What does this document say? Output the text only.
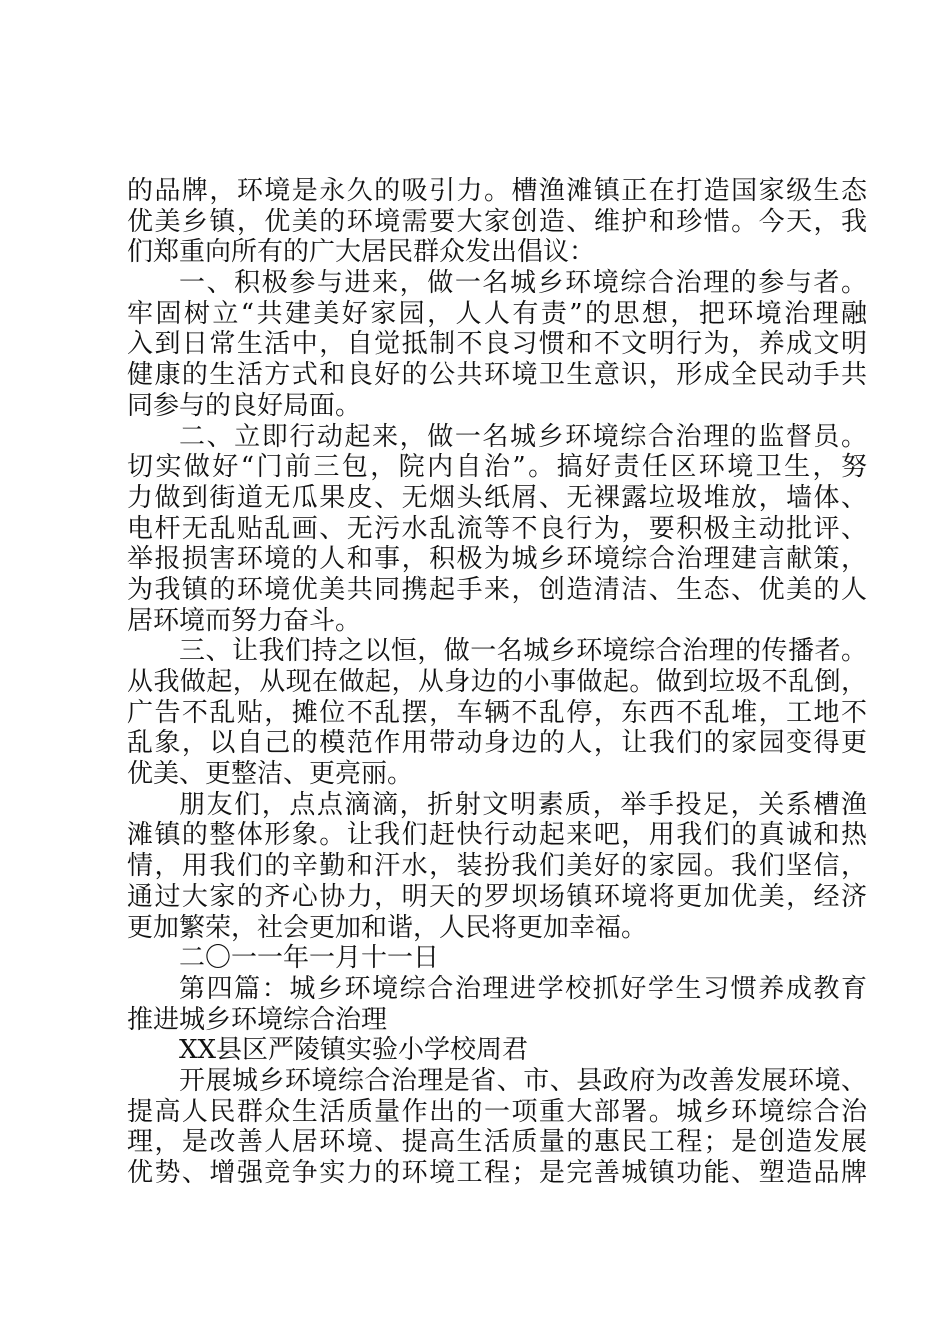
的品牌，环境是永久的吸引力。槽渔滩镇正在打造国家级生态
优美乡镇，优美的环境需要大家创造、维护和珍惜。今天，我
们郑重向所有的广大居民群众发出倡议：
一、积极参与进来，做一名城乡环境综合治理的参与者。
牢固树立“共建美好家园，人人有责”的思想，把环境治理融
入到日常生活中，自觉抵制不良习惯和不文明行为，养成文明
健康的生活方式和良好的公共环境卫生意识，形成全民动手共
同参与的良好局面。
二、立即行动起来，做一名城乡环境综合治理的监督员。
切实做好“门前三包，院内自治”。搞好责任区环境卫生，努
力做到街道无瓜果皮、无烟头纸屑、无裸露垃圾堆放，墙体、
电杆无乱贴乱画、无污水乱流等不良行为，要积极主动批评、
举报损害环境的人和事，积极为城乡环境综合治理建言献策，
为我镇的环境优美共同携起手来，创造清洁、生态、优美的人
居环境而努力奋斗。
三、让我们持之以恒，做一名城乡环境综合治理的传播者。
从我做起，从现在做起，从身边的小事做起。做到垃圾不乱倒，
广告不乱贴，摊位不乱摆，车辆不乱停，东西不乱堆，工地不
乱象，以自己的模范作用带动身边的人，让我们的家园变得更
优美、更整洁、更亮丽。
朋友们，点点滴滴，折射文明素质，举手投足，关系槽渔
滩镇的整体形象。让我们赶快行动起来吧，用我们的真诚和热
情，用我们的辛勤和汗水，装扮我们美好的家园。我们坚信，
通过大家的齐心协力，明天的罗坝场镇环境将更加优美，经济
更加繁荣，社会更加和谐，人民将更加幸福。
二〇一一年一月十一日
第四篇：城乡环境综合治理进学校抓好学生习惯养成教育
推进城乡环境综合治理
XX县区严陵镇实验小学校周君
开展城乡环境综合治理是省、市、县政府为改善发展环境、
提高人民群众生活质量作出的一项重大部署。城乡环境综合治
理，是改善人居环境、提高生活质量的惠民工程；是创造发展
优势、增强竞争实力的环境工程；是完善城镇功能、塑造品牌
